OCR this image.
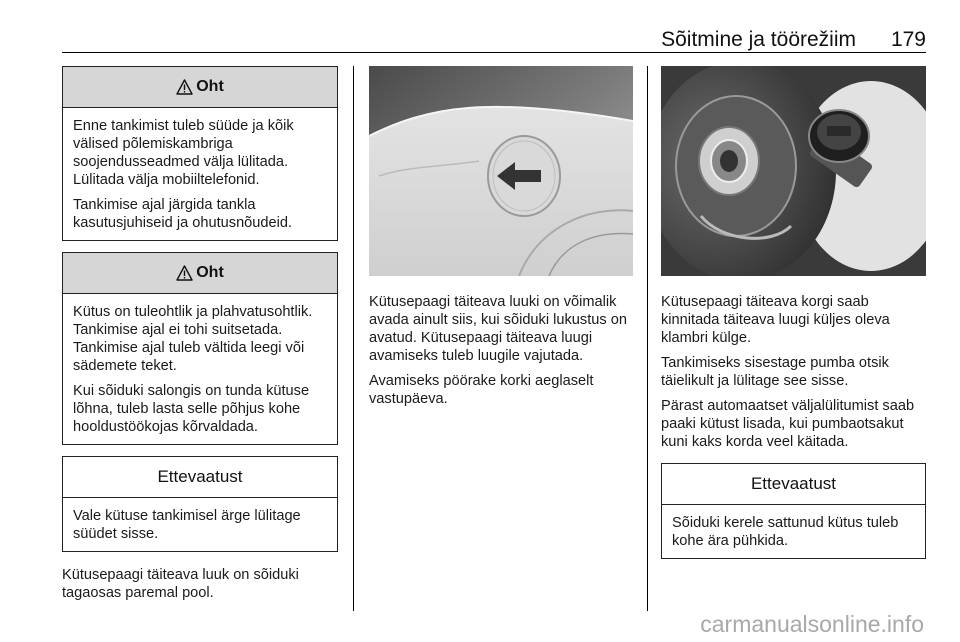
Sõitmine ja töörežiim 179
Oht

Enne tankimist tuleb süüde ja kõik välised põlemiskambriga soojendusseadmed välja lülitada. Lülitada välja mobiiltelefonid.

Tankimise ajal järgida tankla kasutusjuhiseid ja ohutusnõudeid.

Oht

Kütus on tuleohtlik ja plahvatusohtlik. Tankimise ajal ei tohi suitsetada. Tankimise ajal tuleb vältida leegi või sädemete teket.

Kui sõiduki salongis on tunda kütuse lõhna, tuleb lasta selle põhjus kohe hooldustöökojas kõrvaldada.

Ettevaatust

Vale kütuse tankimisel ärge lülitage süüdet sisse.

Kütusepaagi täiteava luuk on sõiduki tagaosas paremal pool.

Kütusepaagi täiteava luuki on võimalik avada ainult siis, kui sõiduki lukustus on avatud. Kütusepaagi täiteava luugi avamiseks tuleb luugile vajutada.

Avamiseks pöörake korki aeglaselt vastupäeva.

Kütusepaagi täiteava korgi saab kinnitada täiteava luugi küljes oleva klambri külge.

Tankimiseks sisestage pumba otsik täielikult ja lülitage see sisse.

Pärast automaatset väljalülitumist saab paaki kütust lisada, kui pumbaotsakut kuni kaks korda veel käitada.

Ettevaatust

Sõiduki kerele sattunud kütus tuleb kohe ära pühkida.

carmanualsonline.info
